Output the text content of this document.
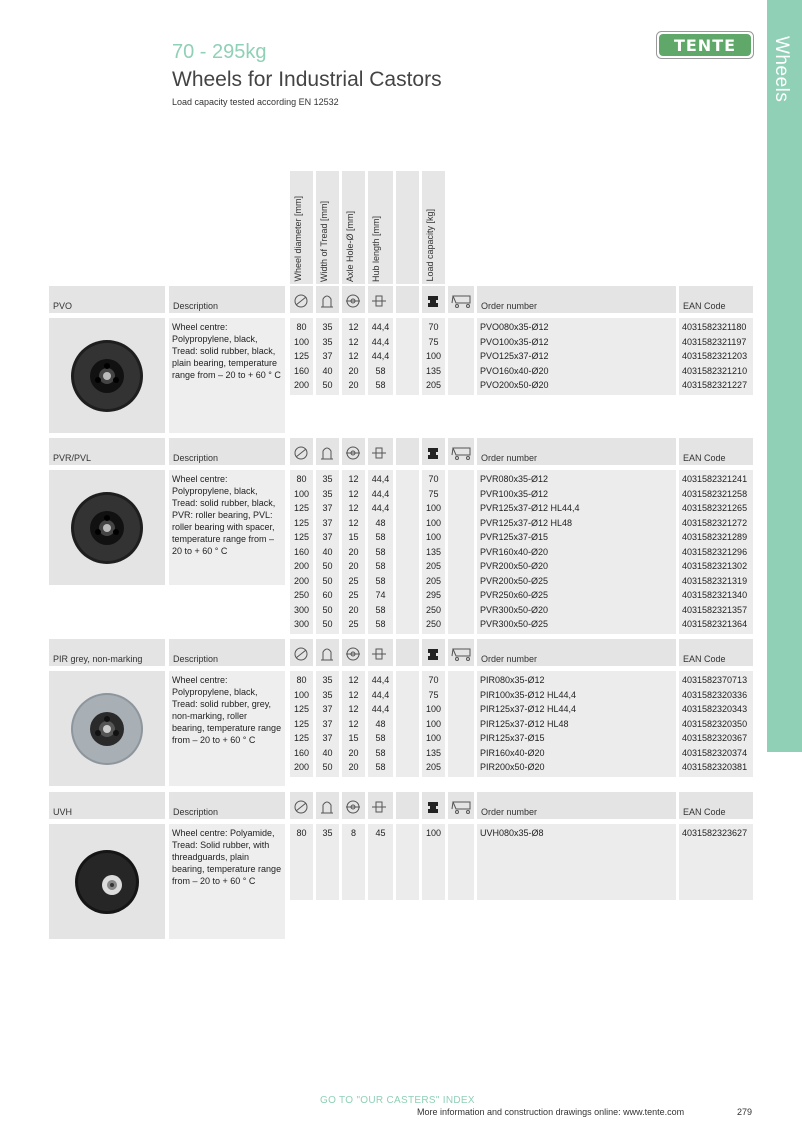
Wheels
TENTE
70 - 295kg
Wheels for Industrial Castors
Load capacity tested according EN 12532
Wheel diameter [mm] Width of Tread [mm] Axle Hole-Ø [mm] Hub length [mm]	Load capacity [kg]
PVO	Description	Order number	EAN Code
Wheel centre: Polypropylene, black, Tread: solid rubber, black, plain bearing, temperature range from – 20 to + 60 ° C
80	35	12	44,4	70	PVO080x35-Ø12	4031582321180
100	35	12	44,4	75	PVO100x35-Ø12	4031582321197
125	37	12	44,4	100	PVO125x37-Ø12	4031582321203
160	40	20	58	135	PVO160x40-Ø20	4031582321210
200	50	20	58	205	PVO200x50-Ø20	4031582321227
PVR/PVL	Description	Order number	EAN Code
Wheel centre: Polypropylene, black, Tread: solid rubber, black, PVR: roller bearing, PVL: roller bearing with spacer, temperature range from – 20 to + 60 ° C
80	35	12	44,4	70	PVR080x35-Ø12	4031582321241
100	35	12	44,4	75	PVR100x35-Ø12	4031582321258
125	37	12	44,4	100	PVR125x37-Ø12 HL44,4	4031582321265
125	37	12	48	100	PVR125x37-Ø12 HL48	4031582321272
125	37	15	58	100	PVR125x37-Ø15	4031582321289
160	40	20	58	135	PVR160x40-Ø20	4031582321296
200	50	20	58	205	PVR200x50-Ø20	4031582321302
200	50	25	58	205	PVR200x50-Ø25	4031582321319
250	60	25	74	295	PVR250x60-Ø25	4031582321340
300	50	20	58	250	PVR300x50-Ø20	4031582321357
300	50	25	58	250	PVR300x50-Ø25	4031582321364
PIR grey, non-marking	Description	Order number	EAN Code
Wheel centre: Polypropylene, black, Tread: solid rubber, grey, non-marking, roller bearing, temperature range from – 20 to + 60 ° C
80	35	12	44,4	70	PIR080x35-Ø12	4031582370713
100	35	12	44,4	75	PIR100x35-Ø12 HL44,4	4031582320336
125	37	12	44,4	100	PIR125x37-Ø12 HL44,4	4031582320343
125	37	12	48	100	PIR125x37-Ø12 HL48	4031582320350
125	37	15	58	100	PIR125x37-Ø15	4031582320367
160	40	20	58	135	PIR160x40-Ø20	4031582320374
200	50	20	58	205	PIR200x50-Ø20	4031582320381
UVH	Description	Order number	EAN Code
Wheel centre: Polyamide, Tread: Solid rubber, with threadguards, plain bearing, temperature range from – 20 to + 60 ° C
80	35	8	45	100	UVH080x35-Ø8	4031582323627
GO TO "OUR CASTERS" INDEX
More information and construction drawings online: www.tente.com	279
